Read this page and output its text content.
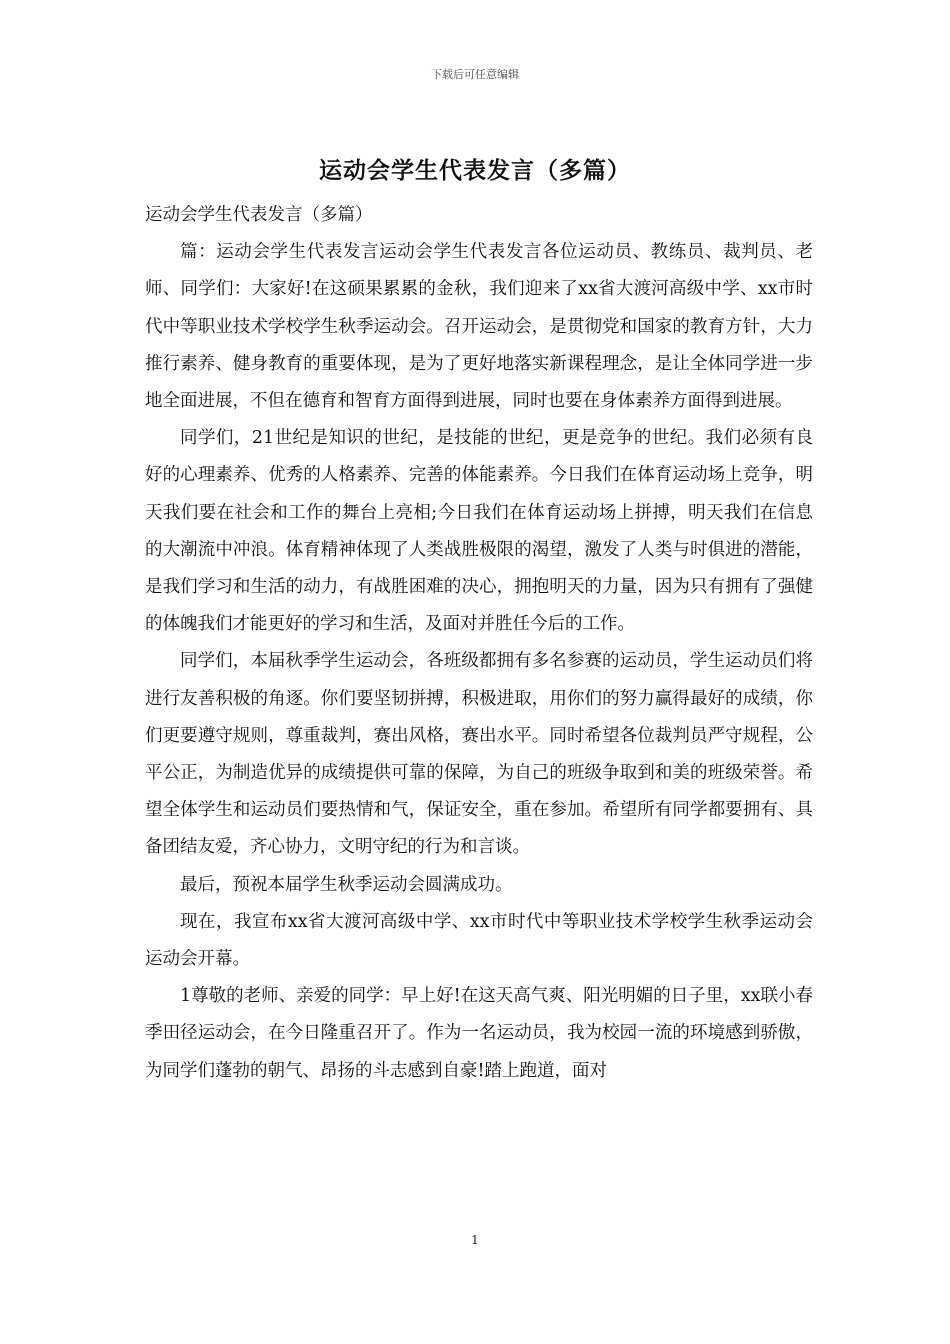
下载后可任意编辑
运动会学生代表发言（多篇）

运动会学生代表发言（多篇）

篇：运动会学生代表发言运动会学生代表发言各位运动员、教练员、裁判员、老师、同学们：大家好!在这硕果累累的金秋，我们迎来了xx省大渡河高级中学、xx市时代中等职业技术学校学生秋季运动会。召开运动会，是贯彻党和国家的教育方针，大力推行素养、健身教育的重要体现，是为了更好地落实新课程理念，是让全体同学进一步地全面进展，不但在德育和智育方面得到进展，同时也要在身体素养方面得到进展。

同学们，21世纪是知识的世纪，是技能的世纪，更是竞争的世纪。我们必须有良好的心理素养、优秀的人格素养、完善的体能素养。今日我们在体育运动场上竞争，明天我们要在社会和工作的舞台上亮相;今日我们在体育运动场上拼搏，明天我们在信息的大潮流中冲浪。体育精神体现了人类战胜极限的渴望，激发了人类与时俱进的潜能，是我们学习和生活的动力，有战胜困难的决心，拥抱明天的力量，因为只有拥有了强健的体魄我们才能更好的学习和生活，及面对并胜任今后的工作。

同学们，本届秋季学生运动会，各班级都拥有多名参赛的运动员，学生运动员们将进行友善积极的角逐。你们要坚韧拼搏，积极进取，用你们的努力赢得最好的成绩，你们更要遵守规则，尊重裁判，赛出风格，赛出水平。同时希望各位裁判员严守规程，公平公正，为制造优异的成绩提供可靠的保障，为自己的班级争取到和美的班级荣誉。希望全体学生和运动员们要热情和气，保证安全，重在参加。希望所有同学都要拥有、具备团结友爱，齐心协力，文明守纪的行为和言谈。

最后，预祝本届学生秋季运动会圆满成功。

现在，我宣布xx省大渡河高级中学、xx市时代中等职业技术学校学生秋季运动会运动会开幕。

1尊敬的老师、亲爱的同学：早上好!在这天高气爽、阳光明媚的日子里，xx联小春季田径运动会，在今日隆重召开了。作为一名运动员，我为校园一流的环境感到骄傲，为同学们蓬勃的朝气、昂扬的斗志感到自豪!踏上跑道，面对

1
